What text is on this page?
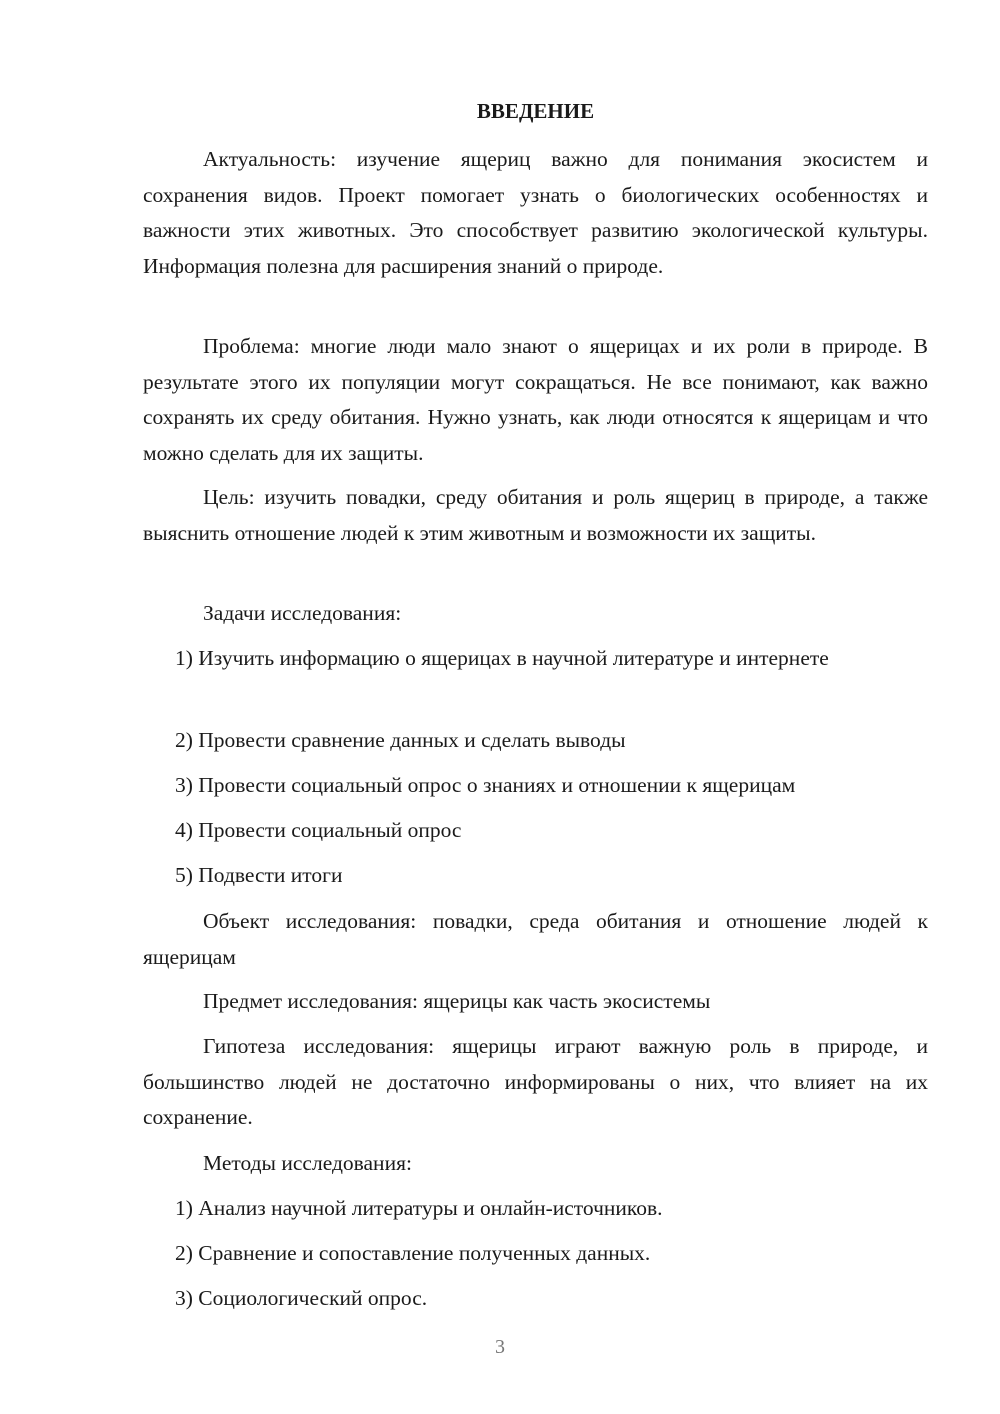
ВВЕДЕНИЕ
Актуальность: изучение ящериц важно для понимания экосистем и сохранения видов. Проект помогает узнать о биологических особенностях и важности этих животных. Это способствует развитию экологической культуры. Информация полезна для расширения знаний о природе.
Проблема: многие люди мало знают о ящерицах и их роли в природе. В результате этого их популяции могут сокращаться. Не все понимают, как важно сохранять их среду обитания. Нужно узнать, как люди относятся к ящерицам и что можно сделать для их защиты.
Цель: изучить повадки, среду обитания и роль ящериц в природе, а также выяснить отношение людей к этим животным и возможности их защиты.
Задачи исследования:
1) Изучить информацию о ящерицах в научной литературе и интернете
2) Провести сравнение данных и сделать выводы
3) Провести социальный опрос о знаниях и отношении к ящерицам
4) Провести социальный опрос
5) Подвести итоги
Объект исследования: повадки, среда обитания и отношение людей к ящерицам
Предмет исследования: ящерицы как часть экосистемы
Гипотеза исследования: ящерицы играют важную роль в природе, и большинство людей не достаточно информированы о них, что влияет на их сохранение.
Методы исследования:
1) Анализ научной литературы и онлайн-источников.
2) Сравнение и сопоставление полученных данных.
3) Социологический опрос.
3
